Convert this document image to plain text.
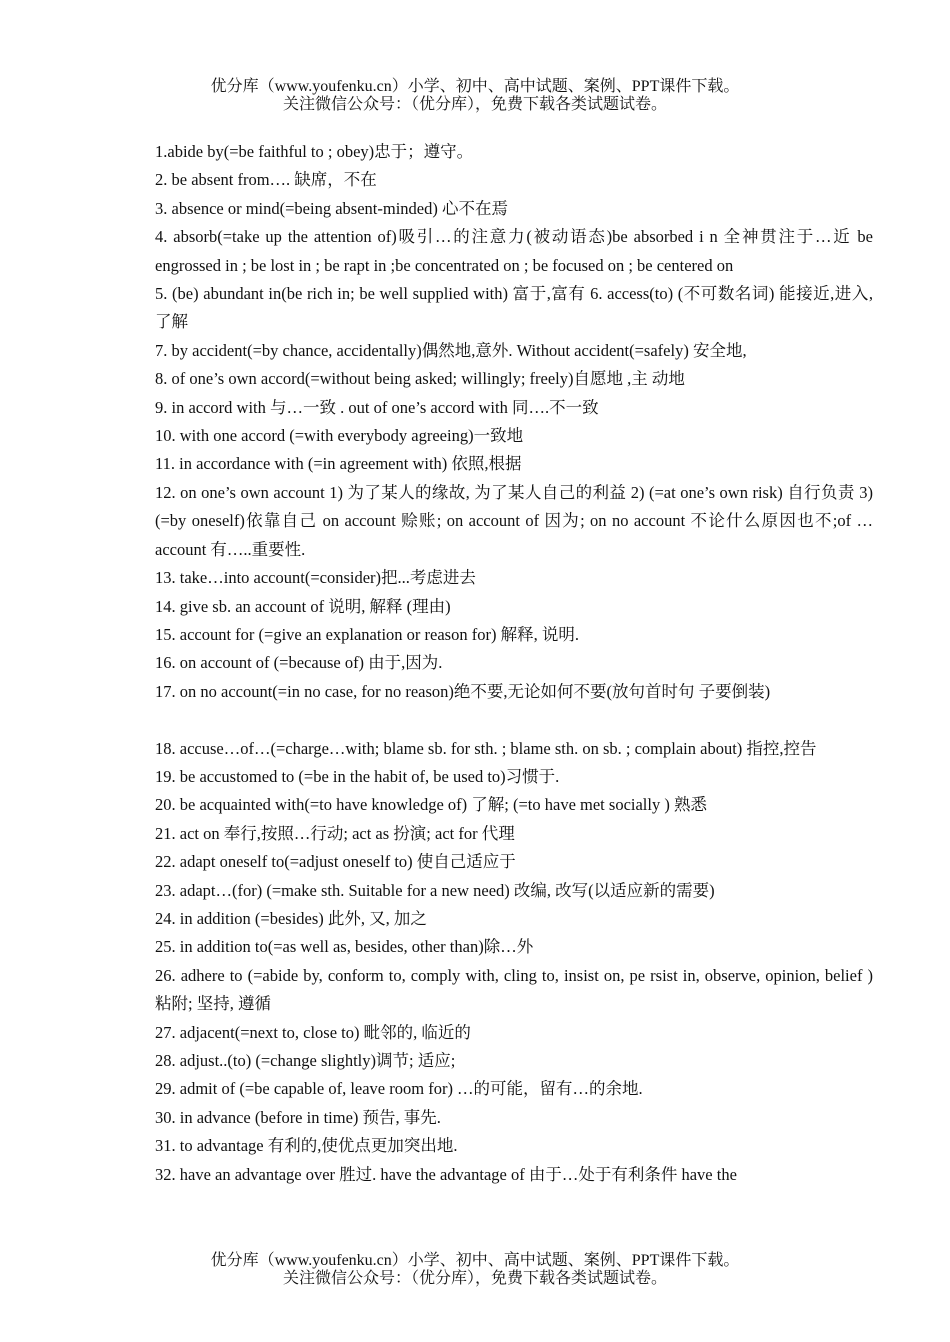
优分库（www.youfenku.cn）小学、初中、高中试题、案例、PPT课件下载。
关注微信公众号：（优分库），免费下载各类试题试卷。

1.abide by(=be faithful to ; obey)忠于；遵守。

2. be absent from…. 缺席，不在

3. absence or mind(=being absent-minded) 心不在焉

4. absorb(=take up the attention of)吸引…的注意力(被动语态)be absorbed i n 全神贯注于…近 be engrossed in ; be lost in ; be rapt in ;be concentrated on ; be focused on ; be centered on

5. (be) abundant in(be rich in; be well supplied with) 富于,富有 6. access(to) (不可数名词) 能接近,进入,了解

7. by accident(=by chance, accidentally)偶然地,意外. Without accident(=safely) 安全地,

8. of one’s own accord(=without being asked; willingly; freely)自愿地 ,主 动地

9. in accord with 与…一致 . out of one’s accord with 同….不一致

10. with one accord (=with everybody agreeing)一致地

11. in accordance with (=in agreement with) 依照,根据

12. on one’s own account 1) 为了某人的缘故, 为了某人自己的利益 2) (=at one’s own risk) 自行负责 3) (=by oneself)依靠自己 on account 赊账; on account of 因为; on no account 不论什么原因也不;of …account 有…..重要性.

13. take…into account(=consider)把...考虑进去

14. give sb. an account of 说明, 解释 (理由)

15. account for (=give an explanation or reason for) 解释, 说明.

16. on account of (=because of) 由于,因为.

17. on no account(=in no case, for no reason)绝不要,无论如何不要(放句首时句 子要倒装)

18. accuse…of…(=charge…with; blame sb. for sth. ; blame sth. on sb. ; complain about) 指控,控告

19. be accustomed to (=be in the habit of, be used to)习惯于.

20. be acquainted with(=to have knowledge of) 了解; (=to have met socially ) 熟悉

21. act on 奉行,按照…行动; act as 扮演; act for 代理

22. adapt oneself to(=adjust oneself to) 使自己适应于

23. adapt…(for) (=make sth. Suitable for a new need) 改编, 改写(以适应新的需要)

24. in addition (=besides) 此外, 又, 加之

25. in addition to(=as well as, besides, other than)除…外

26. adhere to (=abide by, conform to, comply with, cling to, insist on, pe rsist in, observe, opinion, belief ) 粘附; 坚持, 遵循

27. adjacent(=next to, close to) 毗邻的, 临近的

28. adjust..(to) (=change slightly)调节; 适应;

29. admit of (=be capable of, leave room for) …的可能，留有…的余地.

30. in advance (before in time) 预告, 事先.

31. to advantage 有利的,使优点更加突出地.

32. have an advantage over 胜过. have the advantage of 由于…处于有利条件 have the

优分库（www.youfenku.cn）小学、初中、高中试题、案例、PPT课件下载。
关注微信公众号：（优分库），免费下载各类试题试卷。
